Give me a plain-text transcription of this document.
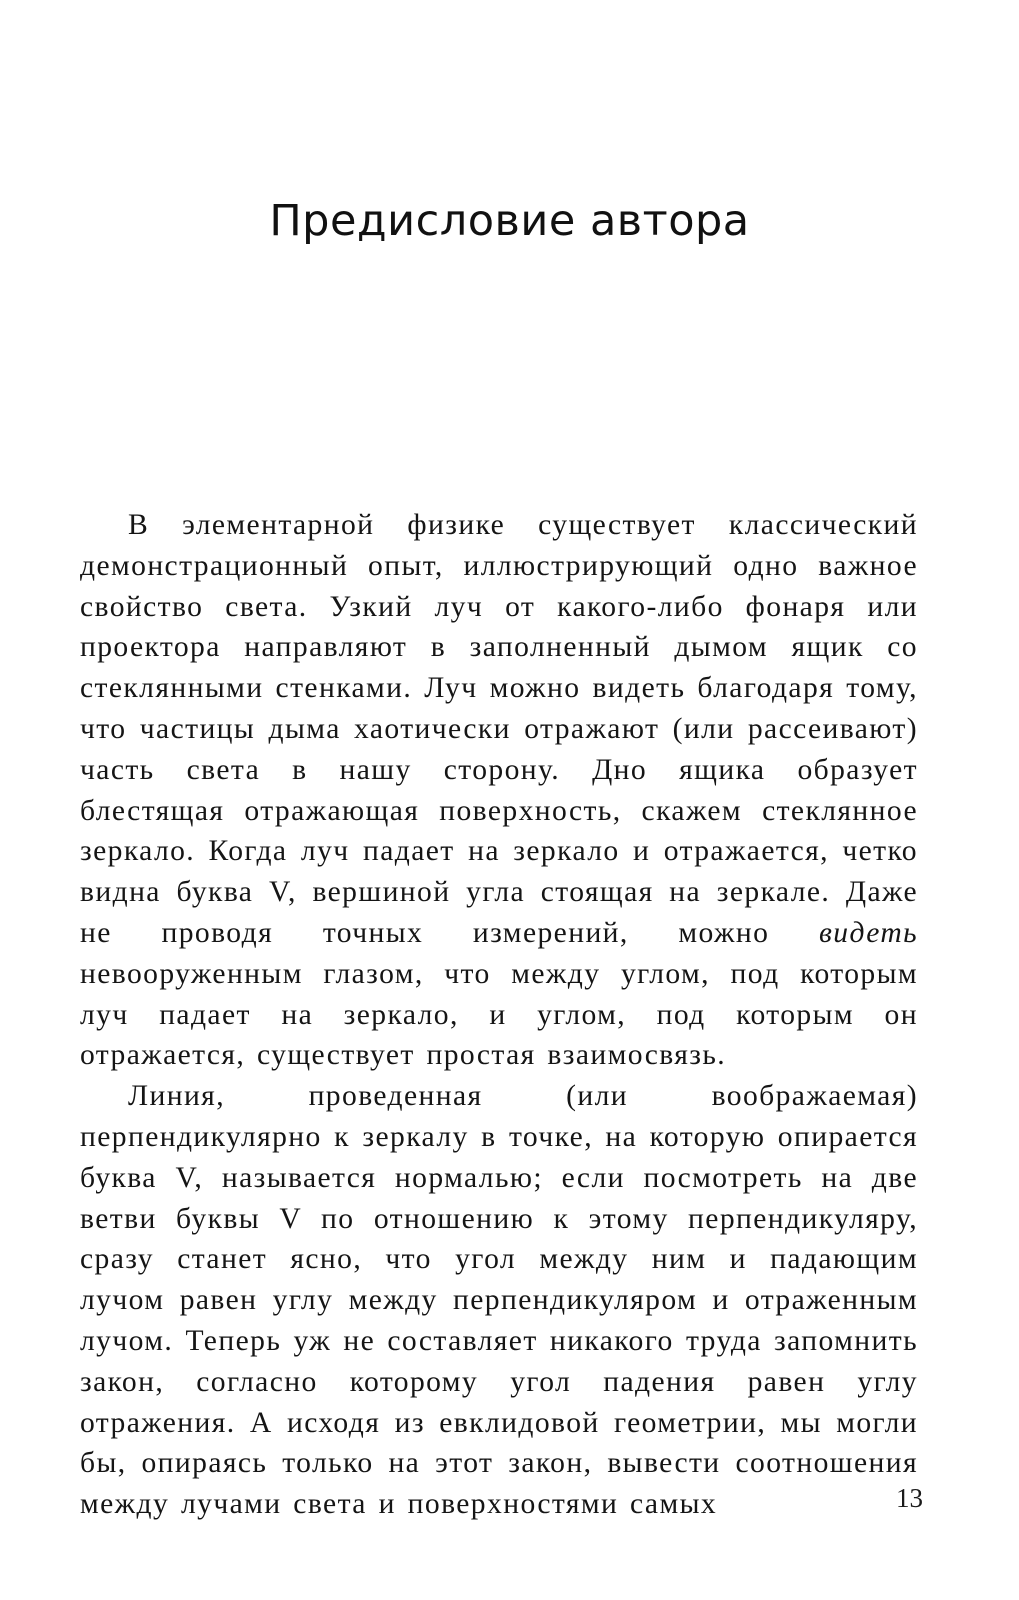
Предисловие автора

В элементарной физике существует классический демонстрационный опыт, иллюстрирующий одно важное свойство света. Узкий луч от какого-либо фонаря или проектора направляют в заполненный дымом ящик со стеклянными стенками. Луч можно видеть благодаря тому, что частицы дыма хаотически отражают (или рассеивают) часть света в нашу сторону. Дно ящика образует блестящая отражающая поверхность, скажем стеклянное зеркало. Когда луч падает на зеркало и отражается, четко видна буква V, вершиной угла стоящая на зеркале. Даже не проводя точных измерений, можно видеть невооруженным глазом, что между углом, под которым луч падает на зеркало, и углом, под которым он отражается, существует простая взаимосвязь.

Линия, проведенная (или воображаемая) перпендикулярно к зеркалу в точке, на которую опирается буква V, называется нормалью; если посмотреть на две ветви буквы V по отношению к этому перпендикуляру, сразу станет ясно, что угол между ним и падающим лучом равен углу между перпендикуляром и отраженным лучом. Теперь уж не составляет никакого труда запомнить закон, согласно которому угол падения равен углу отражения. А исходя из евклидовой геометрии, мы могли бы, опираясь только на этот закон, вывести соотношения между лучами света и поверхностями самых	13
